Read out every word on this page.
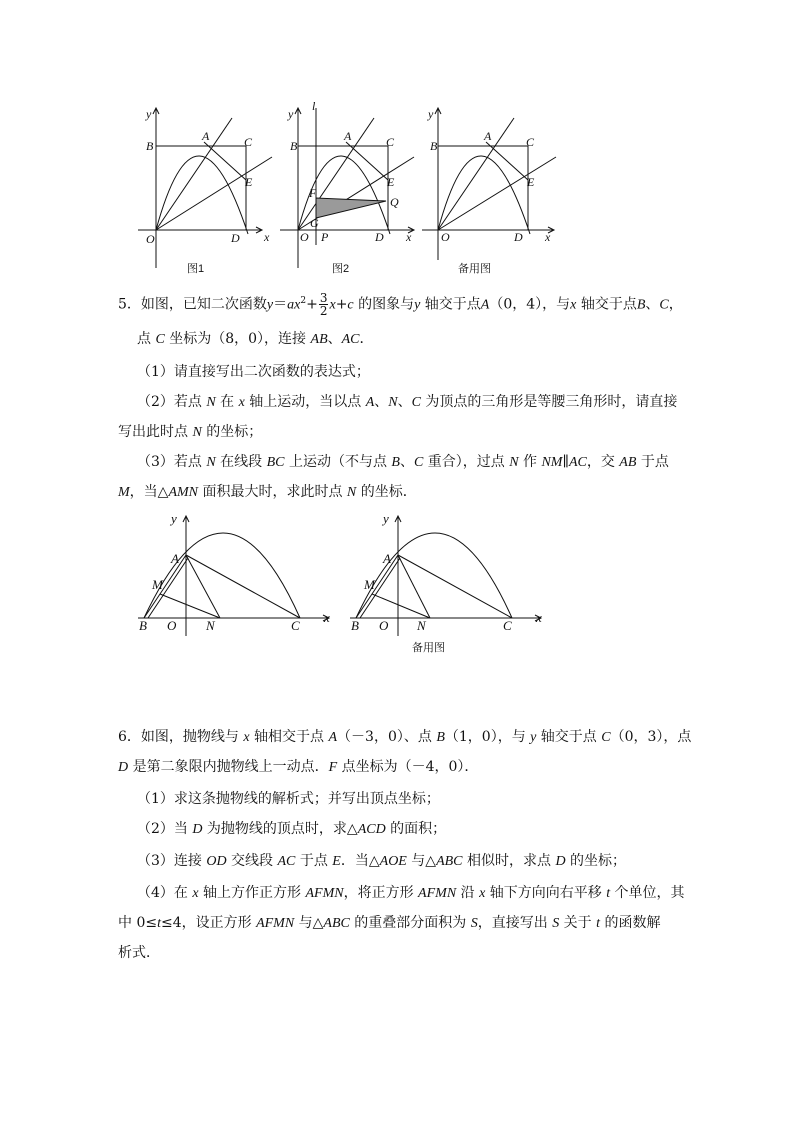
y
x
O
A
B	C
D
E
图1
l
y
x
O
A
B	C
D
E
F
G
P
Q
图2
y
x
O
A
B	C
D
E
备用图
5．如图，已知二次函数$y=ax^2+ \frac{3}{2} x+c$ 的图象与y 轴交于点A（0，4），与x 轴交于点B、C，
点 C 坐标为（8，0），连接 AB、AC．
（1）请直接写出二次函数的表达式；
（2）若点 N 在 x 轴上运动，当以点 A、N、C 为顶点的三角形是等腰三角形时，请直接
写出此时点 N 的坐标；
（3）若点 N 在线段 BC 上运动（不与点 B、C 重合），过点 N 作 NM∥AC，交 AB 于点
M，当△AMN 面积最大时，求此时点 N 的坐标．
y
x
A
M
B O N	C
y
x
A
M
B O N	C
备用图
6．如图，抛物线与 x 轴相交于点 A（－3，0）、点 B（1，0），与 y 轴交于点 C（0，3），点
D 是第二象限内抛物线上一动点．F 点坐标为（－4，0）．
（1）求这条抛物线的解析式；并写出顶点坐标；
（2）当 D 为抛物线的顶点时，求△ACD 的面积；
（3）连接 OD 交线段 AC 于点 E．当△AOE 与△ABC 相似时，求点 D 的坐标；
（4）在 x 轴上方作正方形 AFMN，将正方形 AFMN 沿 x 轴下方向向右平移 t 个单位，其
中 0≤t≤4，设正方形 AFMN 与△ABC 的重叠部分面积为 S，直接写出 S 关于 t 的函数解
析式．
